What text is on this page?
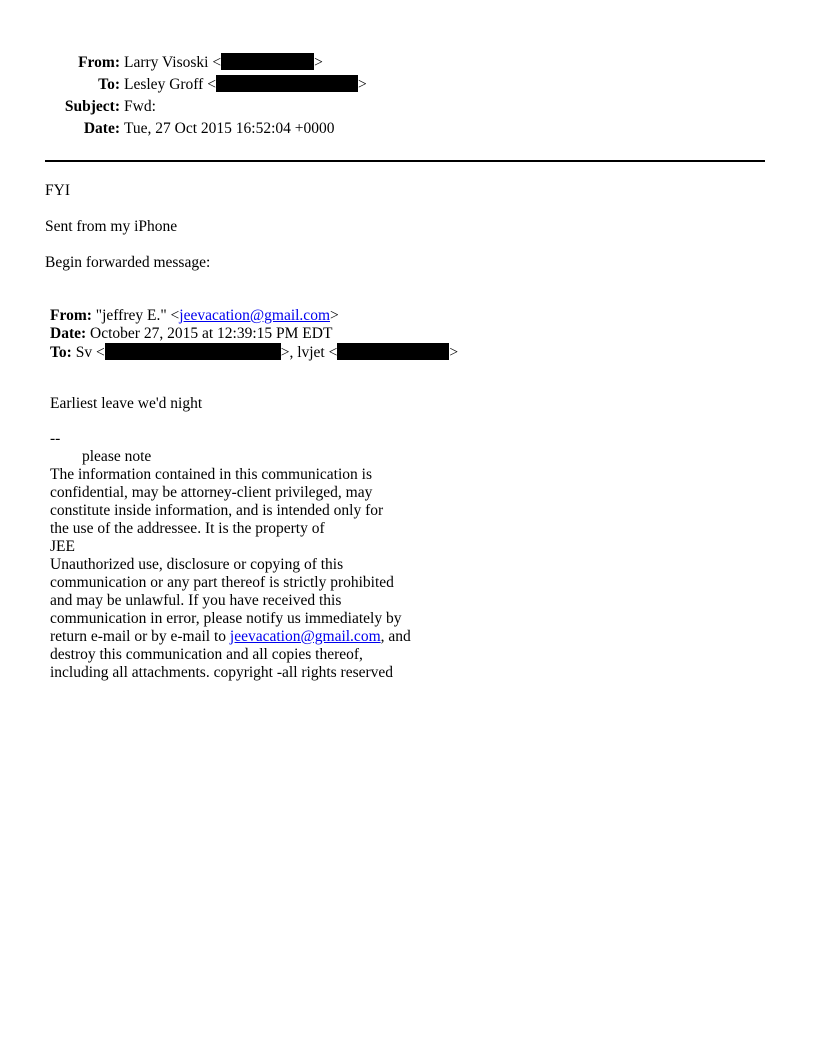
From: Larry Visoski <	>
To: Lesley Groff <	>
Subject: Fwd:
Date: Tue, 27 Oct 2015 16:52:04 +0000
FYI
Sent from my iPhone
Begin forwarded message:
From: "jeffrey E." <jeevacation@gmail.com>
Date: October 27, 2015 at 12:39:15 PM EDT
To: Sv <	>, lvjet <	>
Earliest leave we'd night
--
please note
The information contained in this communication is
confidential, may be attorney-client privileged, may
constitute inside information, and is intended only for
the use of the addressee. It is the property of
JEE
Unauthorized use, disclosure or copying of this
communication or any part thereof is strictly prohibited
and may be unlawful. If you have received this
communication in error, please notify us immediately by
return e-mail or by e-mail to jeevacation@gmail.com, and
destroy this communication and all copies thereof,
including all attachments. copyright -all rights reserved
